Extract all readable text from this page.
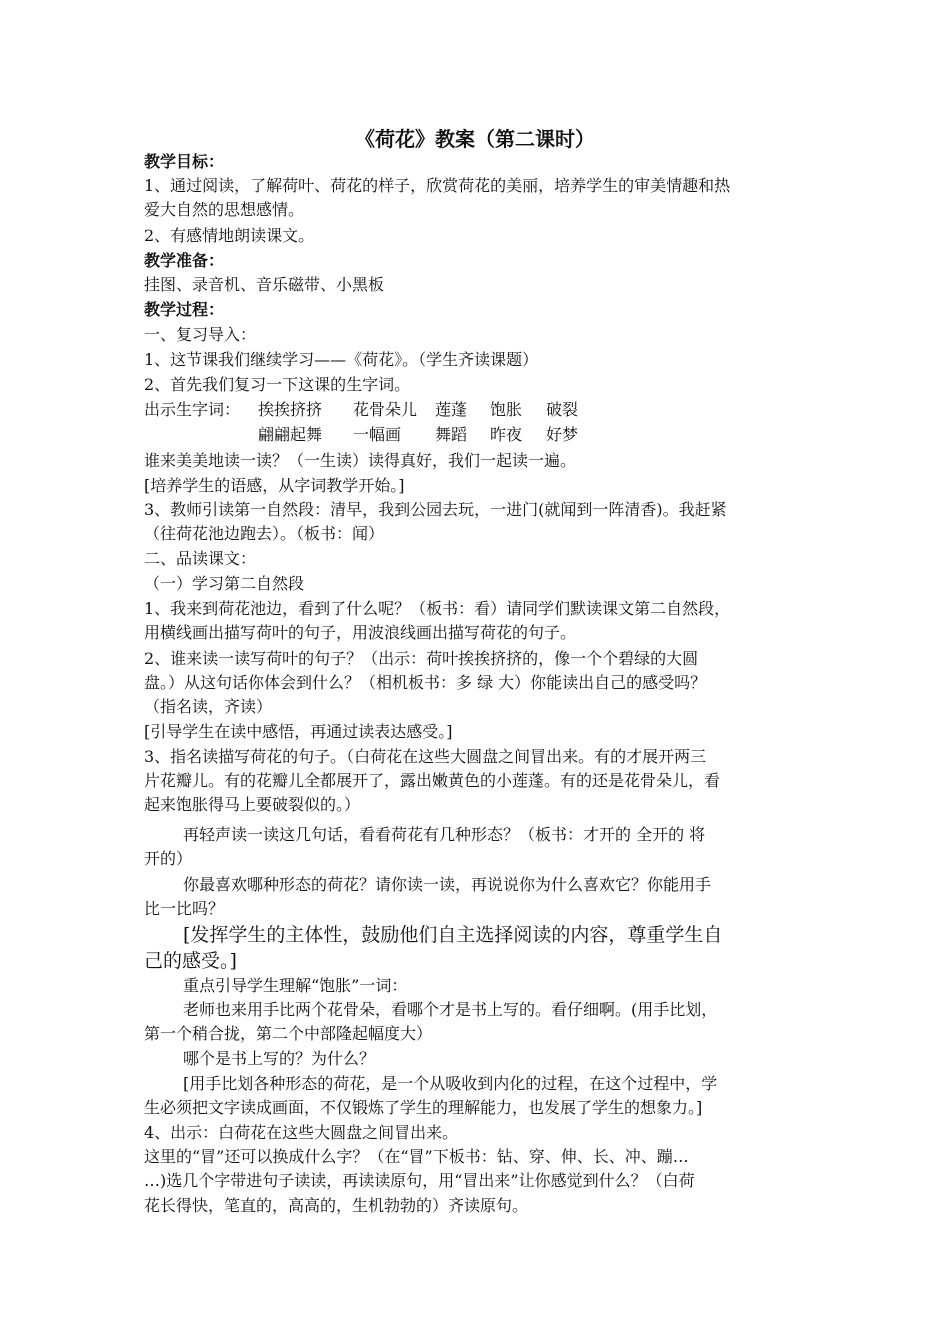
《荷花》教案（第二课时）
教学目标：
1、通过阅读，了解荷叶、荷花的样子，欣赏荷花的美丽，培养学生的审美情趣和热
爱大自然的思想感情。
2、有感情地朗读课文。
教学准备：
挂图、录音机、音乐磁带、小黑板
教学过程：
一、复习导入：
1、这节课我们继续学习——《荷花》。（学生齐读课题）
2、首先我们复习一下这课的生字词。
出示生字词： 挨挨挤挤 花骨朵儿 莲蓬 饱胀 破裂
翩翩起舞 一幅画 舞蹈 昨夜 好梦
谁来美美地读一读？（一生读）读得真好，我们一起读一遍。
[培养学生的语感，从字词教学开始。]
3、教师引读第一自然段：清早，我到公园去玩，一进门(就闻到一阵清香)。我赶紧
（往荷花池边跑去）。（板书：闻）
二、品读课文：
（一）学习第二自然段
1、我来到荷花池边，看到了什么呢？（板书：看）请同学们默读课文第二自然段，
用横线画出描写荷叶的句子，用波浪线画出描写荷花的句子。
2、谁来读一读写荷叶的句子？（出示：荷叶挨挨挤挤的，像一个个碧绿的大圆
盘。）从这句话你体会到什么？（相机板书：多 绿 大）你能读出自己的感受吗？
（指名读，齐读）
[引导学生在读中感悟，再通过读表达感受。]
3、指名读描写荷花的句子。（白荷花在这些大圆盘之间冒出来。有的才展开两三
片花瓣儿。有的花瓣儿全都展开了，露出嫩黄色的小莲蓬。有的还是花骨朵儿，看
起来饱胀得马上要破裂似的。）
再轻声读一读这几句话，看看荷花有几种形态？（板书：才开的 全开的 将
开的）
你最喜欢哪种形态的荷花？请你读一读，再说说你为什么喜欢它？你能用手
比一比吗？
[发挥学生的主体性，鼓励他们自主选择阅读的内容，尊重学生自
己的感受。]
重点引导学生理解“饱胀”一词：
老师也来用手比两个花骨朵，看哪个才是书上写的。看仔细啊。(用手比划，
第一个稍合拢，第二个中部隆起幅度大）
哪个是书上写的？为什么？
[用手比划各种形态的荷花，是一个从吸收到内化的过程，在这个过程中，学
生必须把文字读成画面，不仅锻炼了学生的理解能力，也发展了学生的想象力。]
4、出示：白荷花在这些大圆盘之间冒出来。
这里的“冒”还可以换成什么字？（在“冒”下板书：钻、穿、伸、长、冲、蹦…
…)选几个字带进句子读读，再读读原句，用“冒出来”让你感觉到什么？（白荷
花长得快，笔直的，高高的，生机勃勃的）齐读原句。
